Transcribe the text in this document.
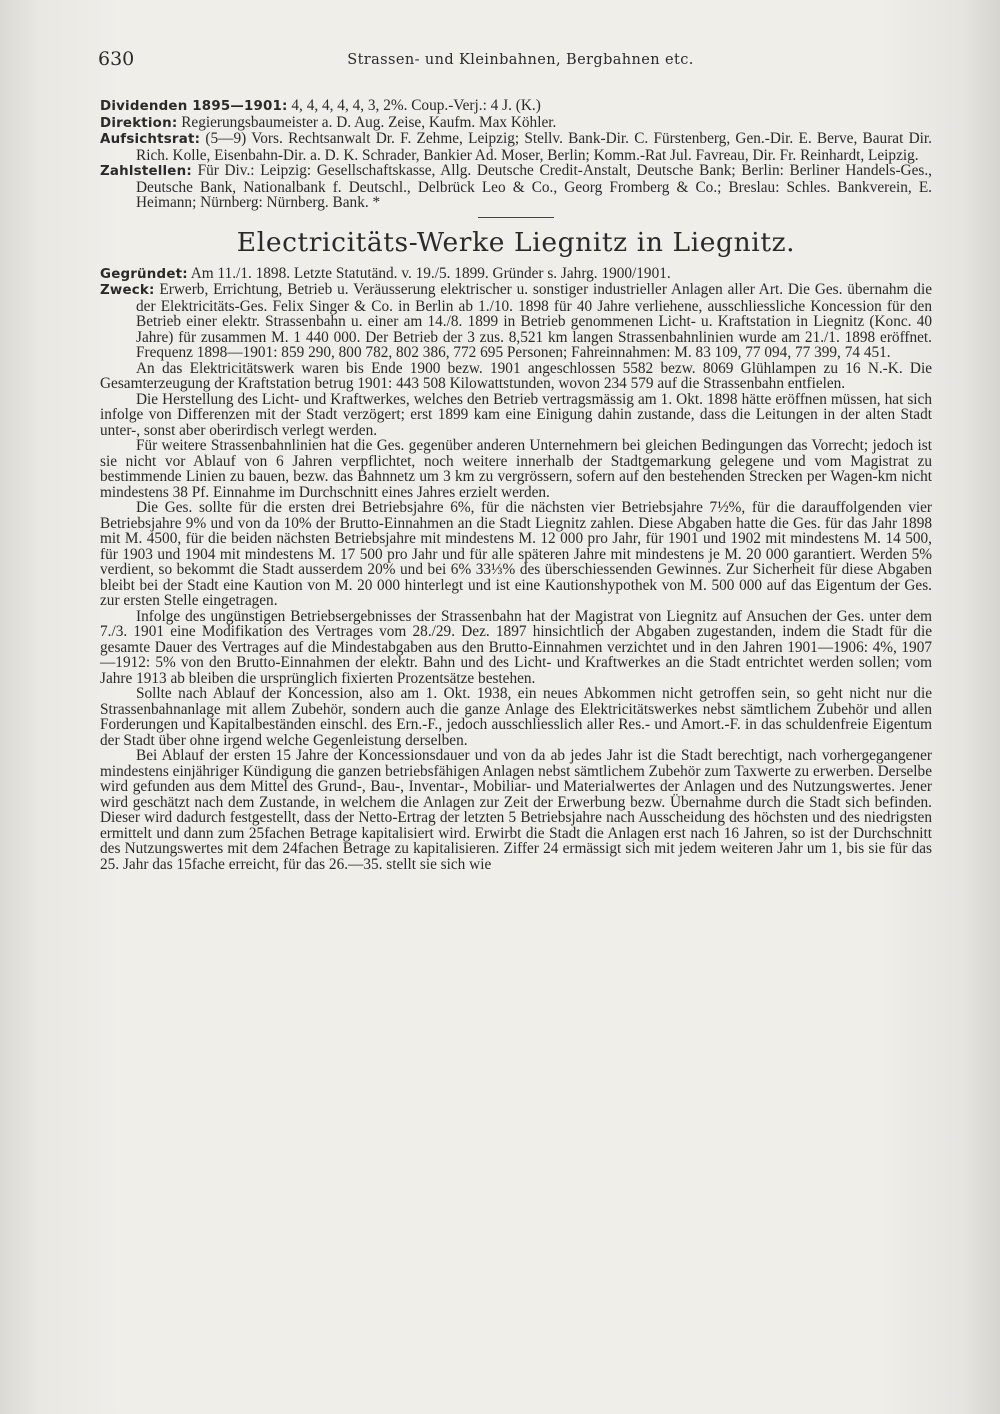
630	Strassen- und Kleinbahnen, Bergbahnen etc.

Dividenden 1895—1901: 4, 4, 4, 4, 4, 3, 2%. Coup.-Verj.: 4 J. (K.)

Direktion: Regierungsbaumeister a. D. Aug. Zeise, Kaufm. Max Köhler.

Aufsichtsrat: (5—9) Vors. Rechtsanwalt Dr. F. Zehme, Leipzig; Stellv. Bank-Dir. C. Fürstenberg, Gen.-Dir. E. Berve, Baurat Dir. Rich. Kolle, Eisenbahn-Dir. a. D. K. Schrader, Bankier Ad. Moser, Berlin; Komm.-Rat Jul. Favreau, Dir. Fr. Reinhardt, Leipzig.

Zahlstellen: Für Div.: Leipzig: Gesellschaftskasse, Allg. Deutsche Credit-Anstalt, Deutsche Bank; Berlin: Berliner Handels-Ges., Deutsche Bank, Nationalbank f. Deutschl., Delbrück Leo & Co., Georg Fromberg & Co.; Breslau: Schles. Bankverein, E. Heimann; Nürnberg: Nürnberg. Bank. *

Electricitäts-Werke Liegnitz in Liegnitz.

Gegründet: Am 11./1. 1898. Letzte Statutänd. v. 19./5. 1899. Gründer s. Jahrg. 1900/1901.

Zweck: Erwerb, Errichtung, Betrieb u. Veräusserung elektrischer u. sonstiger industrieller Anlagen aller Art. Die Ges. übernahm die der Elektricitäts-Ges. Felix Singer & Co. in Berlin ab 1./10. 1898 für 40 Jahre verliehene, ausschliessliche Koncession für den Betrieb einer elektr. Strassenbahn u. einer am 14./8. 1899 in Betrieb genommenen Licht- u. Kraftstation in Liegnitz (Konc. 40 Jahre) für zusammen M. 1 440 000. Der Betrieb der 3 zus. 8,521 km langen Strassenbahnlinien wurde am 21./1. 1898 eröffnet. Frequenz 1898—1901: 859 290, 800 782, 802 386, 772 695 Personen; Fahreinnahmen: M. 83 109, 77 094, 77 399, 74 451.

An das Elektricitätswerk waren bis Ende 1900 bezw. 1901 angeschlossen 5582 bezw. 8069 Glühlampen zu 16 N.-K. Die Gesamterzeugung der Kraftstation betrug 1901: 443 508 Kilowattstunden, wovon 234 579 auf die Strassenbahn entfielen.

Die Herstellung des Licht- und Kraftwerkes, welches den Betrieb vertragsmässig am 1. Okt. 1898 hätte eröffnen müssen, hat sich infolge von Differenzen mit der Stadt verzögert; erst 1899 kam eine Einigung dahin zustande, dass die Leitungen in der alten Stadt unter-, sonst aber oberirdisch verlegt werden.

Für weitere Strassenbahnlinien hat die Ges. gegenüber anderen Unternehmern bei gleichen Bedingungen das Vorrecht; jedoch ist sie nicht vor Ablauf von 6 Jahren verpflichtet, noch weitere innerhalb der Stadtgemarkung gelegene und vom Magistrat zu bestimmende Linien zu bauen, bezw. das Bahnnetz um 3 km zu vergrössern, sofern auf den bestehenden Strecken per Wagen-km nicht mindestens 38 Pf. Einnahme im Durchschnitt eines Jahres erzielt werden.

Die Ges. sollte für die ersten drei Betriebsjahre 6%, für die nächsten vier Betriebsjahre 7½%, für die darauffolgenden vier Betriebsjahre 9% und von da 10% der Brutto-Einnahmen an die Stadt Liegnitz zahlen. Diese Abgaben hatte die Ges. für das Jahr 1898 mit M. 4500, für die beiden nächsten Betriebsjahre mit mindestens M. 12 000 pro Jahr, für 1901 und 1902 mit mindestens M. 14 500, für 1903 und 1904 mit mindestens M. 17 500 pro Jahr und für alle späteren Jahre mit mindestens je M. 20 000 garantiert. Werden 5% verdient, so bekommt die Stadt ausserdem 20% und bei 6% 33⅓% des überschiessenden Gewinnes. Zur Sicherheit für diese Abgaben bleibt bei der Stadt eine Kaution von M. 20 000 hinterlegt und ist eine Kautionshypothek von M. 500 000 auf das Eigentum der Ges. zur ersten Stelle eingetragen.

Infolge des ungünstigen Betriebsergebnisses der Strassenbahn hat der Magistrat von Liegnitz auf Ansuchen der Ges. unter dem 7./3. 1901 eine Modifikation des Vertrages vom 28./29. Dez. 1897 hinsichtlich der Abgaben zugestanden, indem die Stadt für die gesamte Dauer des Vertrages auf die Mindestabgaben aus den Brutto-Einnahmen verzichtet und in den Jahren 1901—1906: 4%, 1907—1912: 5% von den Brutto-Einnahmen der elektr. Bahn und des Licht- und Kraftwerkes an die Stadt entrichtet werden sollen; vom Jahre 1913 ab bleiben die ursprünglich fixierten Prozentsätze bestehen.

Sollte nach Ablauf der Koncession, also am 1. Okt. 1938, ein neues Abkommen nicht getroffen sein, so geht nicht nur die Strassenbahnanlage mit allem Zubehör, sondern auch die ganze Anlage des Elektricitätswerkes nebst sämtlichem Zubehör und allen Forderungen und Kapitalbeständen einschl. des Ern.-F., jedoch ausschliesslich aller Res.- und Amort.-F. in das schuldenfreie Eigentum der Stadt über ohne irgend welche Gegenleistung derselben.

Bei Ablauf der ersten 15 Jahre der Koncessionsdauer und von da ab jedes Jahr ist die Stadt berechtigt, nach vorhergegangener mindestens einjähriger Kündigung die ganzen betriebsfähigen Anlagen nebst sämtlichem Zubehör zum Taxwerte zu erwerben. Derselbe wird gefunden aus dem Mittel des Grund-, Bau-, Inventar-, Mobiliar- und Materialwertes der Anlagen und des Nutzungswertes. Jener wird geschätzt nach dem Zustande, in welchem die Anlagen zur Zeit der Erwerbung bezw. Übernahme durch die Stadt sich befinden. Dieser wird dadurch festgestellt, dass der Netto-Ertrag der letzten 5 Betriebsjahre nach Ausscheidung des höchsten und des niedrigsten ermittelt und dann zum 25fachen Betrage kapitalisiert wird. Erwirbt die Stadt die Anlagen erst nach 16 Jahren, so ist der Durchschnitt des Nutzungswertes mit dem 24fachen Betrage zu kapitalisieren. Ziffer 24 ermässigt sich mit jedem weiteren Jahr um 1, bis sie für das 25. Jahr das 15fache erreicht, für das 26.—35. stellt sie sich wie
